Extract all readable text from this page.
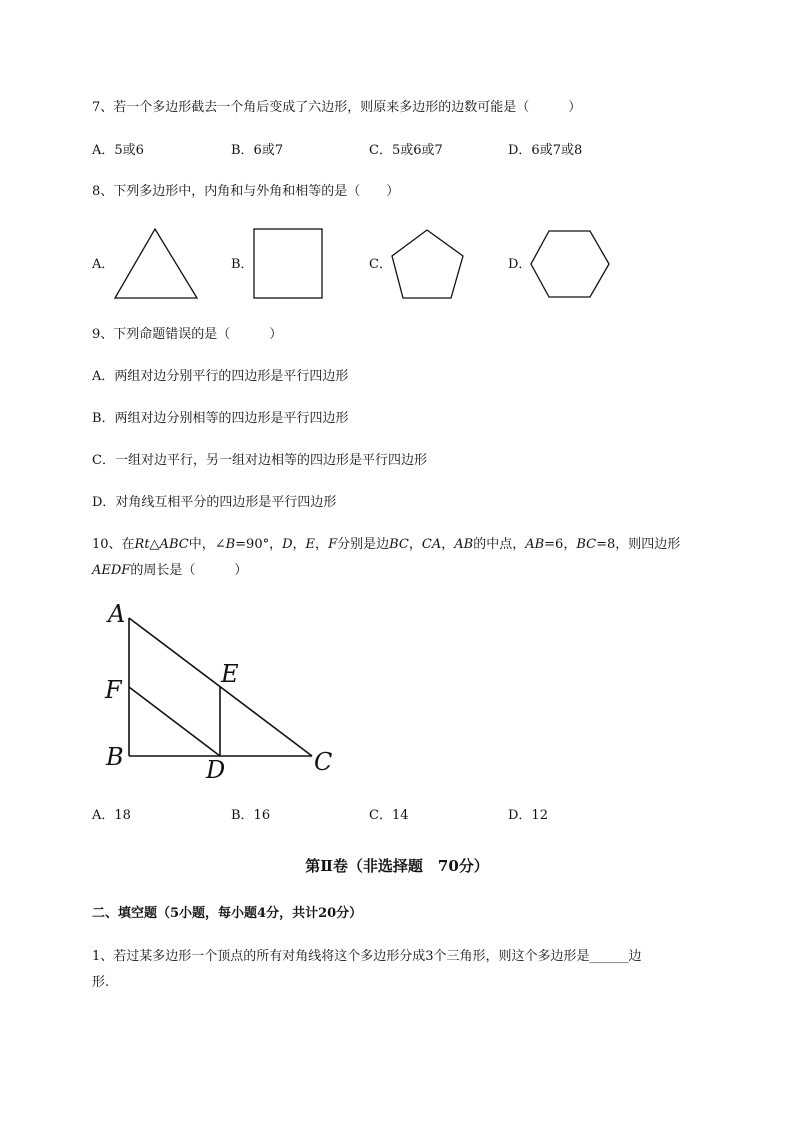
7、若一个多边形截去一个角后变成了六边形，则原来多边形的边数可能是（　　　）
A．5或6	B．6或7	C．5或6或7	D．6或7或8
8、下列多边形中，内角和与外角和相等的是（　　）
A．	B．	C．	D．
9、下列命题错误的是（　　　）
A．两组对边分别平行的四边形是平行四边形
B．两组对边分别相等的四边形是平行四边形
C．一组对边平行，另一组对边相等的四边形是平行四边形
D．对角线互相平分的四边形是平行四边形
10、在Rt△ABC中，∠B=90°，D，E，F分别是边BC，CA，AB的中点，AB=6，BC=8，则四边形
AEDF的周长是（　　　）
A
F
B	D
E
C
A．18	B．16	C．14	D．12
第Ⅱ卷（非选择题　70分）
二、填空题（5小题，每小题4分，共计20分）
1、若过某多边形一个顶点的所有对角线将这个多边形分成3个三角形，则这个多边形是______边
形.
